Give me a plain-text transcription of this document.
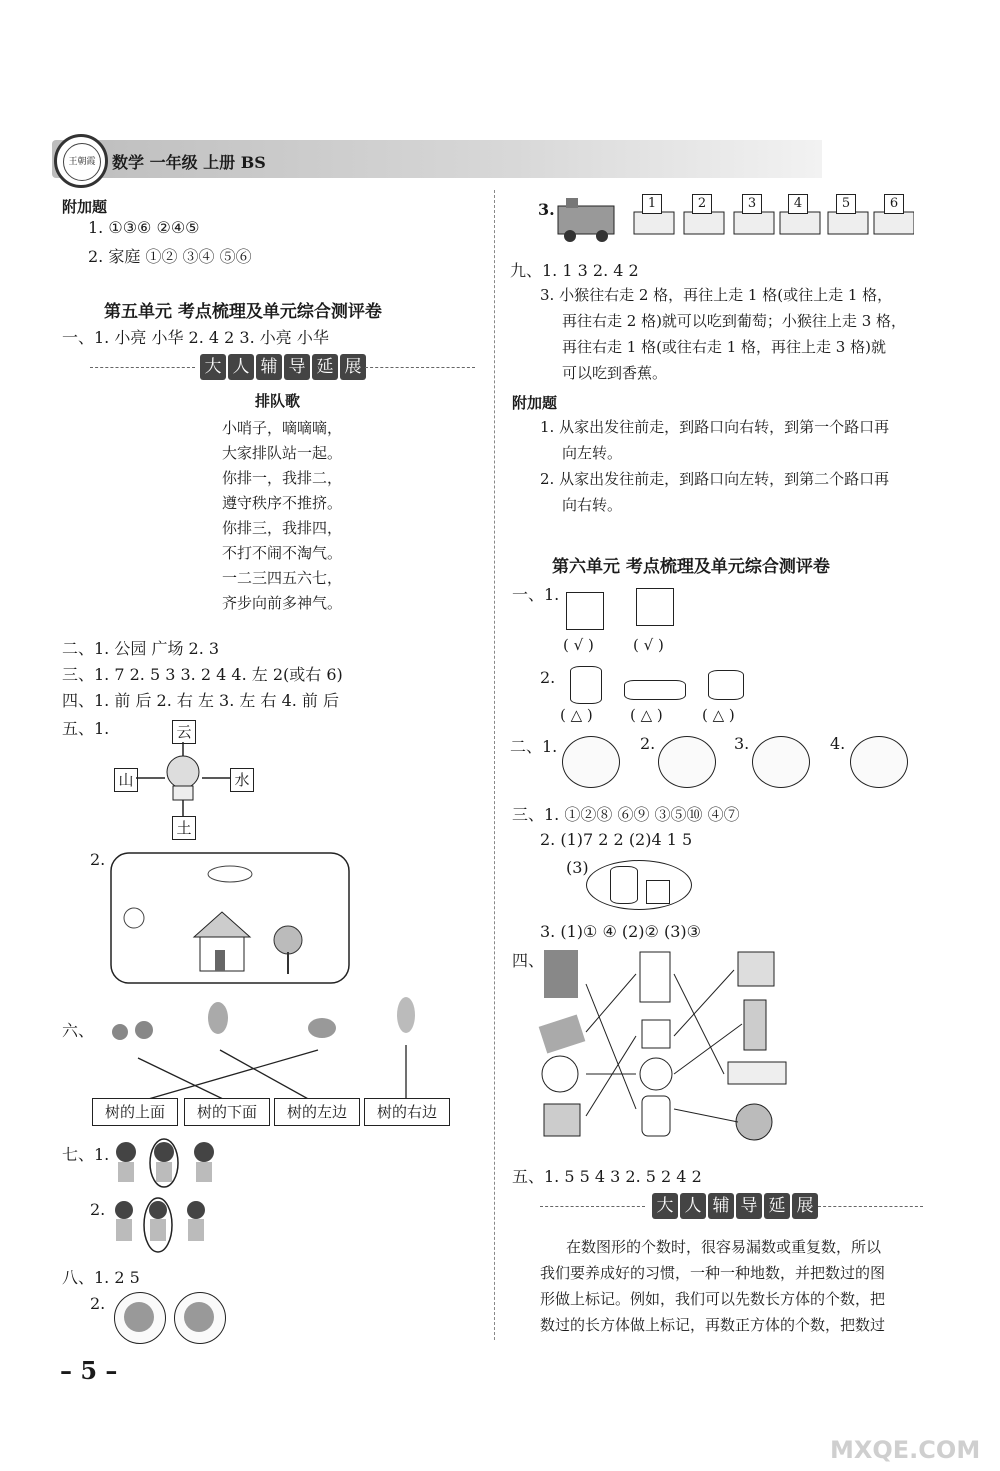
王朝霞	数学 一年级 上册 BS
附加题
1. ①③⑥ ②④⑤
2. 家庭 ①② ③④ ⑤⑥
第五单元 考点梳理及单元综合测评卷
一、1. 小亮 小华 2. 4 2 3. 小亮 小华
大 人 辅 导 延 展
排队歌
小哨子，嘀嘀嘀，
大家排队站一起。
你排一，我排二，
遵守秩序不推挤。
你排三，我排四，
不打不闹不淘气。
一二三四五六七，
齐步向前多神气。
二、1. 公园 广场 2. 3
三、1. 7 2. 5 3 3. 2 4 4. 左 2(或右 6)
四、1. 前 后 2. 右 左 3. 左 右 4. 前 后
五、1.	云
山	水
土
2.
六、
树的上面	树的下面	树的左边	树的右边
七、1.
2.
八、1. 2 5
2.
– 5 –
3.	1	2	3	4	5	6
九、1. 1 3 2. 4 2
3. 小猴往右走 2 格，再往上走 1 格(或往上走 1 格，
再往右走 2 格)就可以吃到葡萄；小猴往上走 3 格，
再往右走 1 格(或往右走 1 格，再往上走 3 格)就
可以吃到香蕉。
附加题
1. 从家出发往前走，到路口向右转，到第一个路口再
向左转。
2. 从家出发往前走，到路口向左转，到第二个路口再
向右转。
第六单元 考点梳理及单元综合测评卷
一、1.
( √ )	( √ )
2.
( △ ) ( △ )	( △ )
二、1.	2.	3.	4.
三、1. ①②⑧ ⑥⑨ ③⑤⑩ ④⑦
2. (1)7 2 2 (2)4 1 5
(3)
3. (1)① ④ (2)② (3)③
四、
五、1. 5 5 4 3 2. 5 2 4 2
大 人 辅 导 延 展
在数图形的个数时，很容易漏数或重复数，所以
我们要养成好的习惯，一种一种地数，并把数过的图
形做上标记。例如，我们可以先数长方体的个数，把
数过的长方体做上标记，再数正方体的个数，把数过
MXQE.COM
